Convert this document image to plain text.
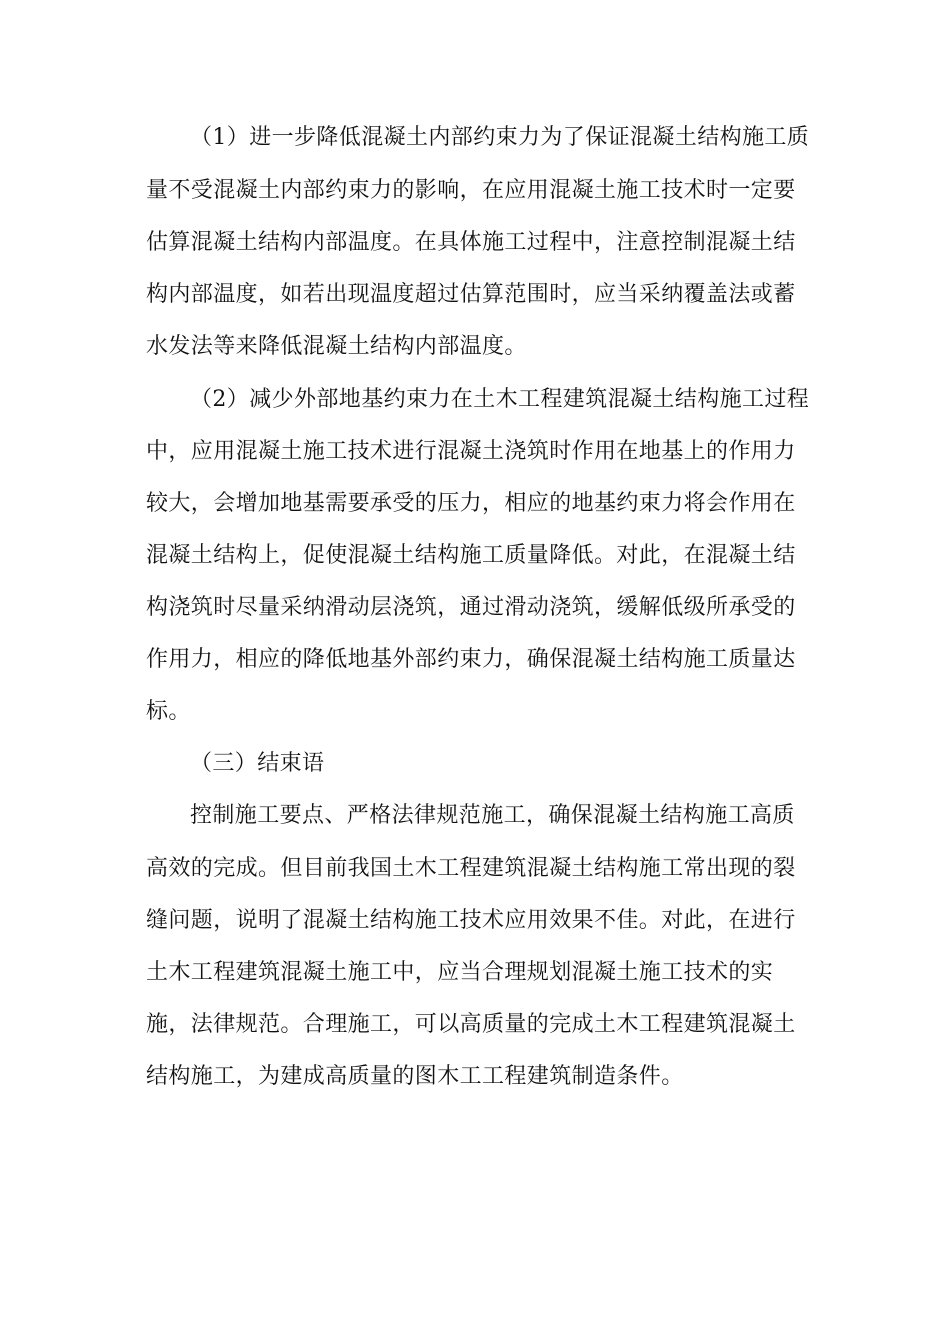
（1）进一步降低混凝土内部约束力为了保证混凝土结构施工质
量不受混凝土内部约束力的影响，在应用混凝土施工技术时一定要
估算混凝土结构内部温度。在具体施工过程中，注意控制混凝土结
构内部温度，如若出现温度超过估算范围时，应当采纳覆盖法或蓄
水发法等来降低混凝土结构内部温度。
（2）减少外部地基约束力在土木工程建筑混凝土结构施工过程
中，应用混凝土施工技术进行混凝土浇筑时作用在地基上的作用力
较大，会增加地基需要承受的压力，相应的地基约束力将会作用在
混凝土结构上，促使混凝土结构施工质量降低。对此，在混凝土结
构浇筑时尽量采纳滑动层浇筑，通过滑动浇筑，缓解低级所承受的
作用力，相应的降低地基外部约束力，确保混凝土结构施工质量达
标。
（三）结束语
控制施工要点、严格法律规范施工，确保混凝土结构施工高质
高效的完成。但目前我国土木工程建筑混凝土结构施工常出现的裂
缝问题，说明了混凝土结构施工技术应用效果不佳。对此，在进行
土木工程建筑混凝土施工中，应当合理规划混凝土施工技术的实
施，法律规范。合理施工，可以高质量的完成土木工程建筑混凝土
结构施工，为建成高质量的图木工工程建筑制造条件。
